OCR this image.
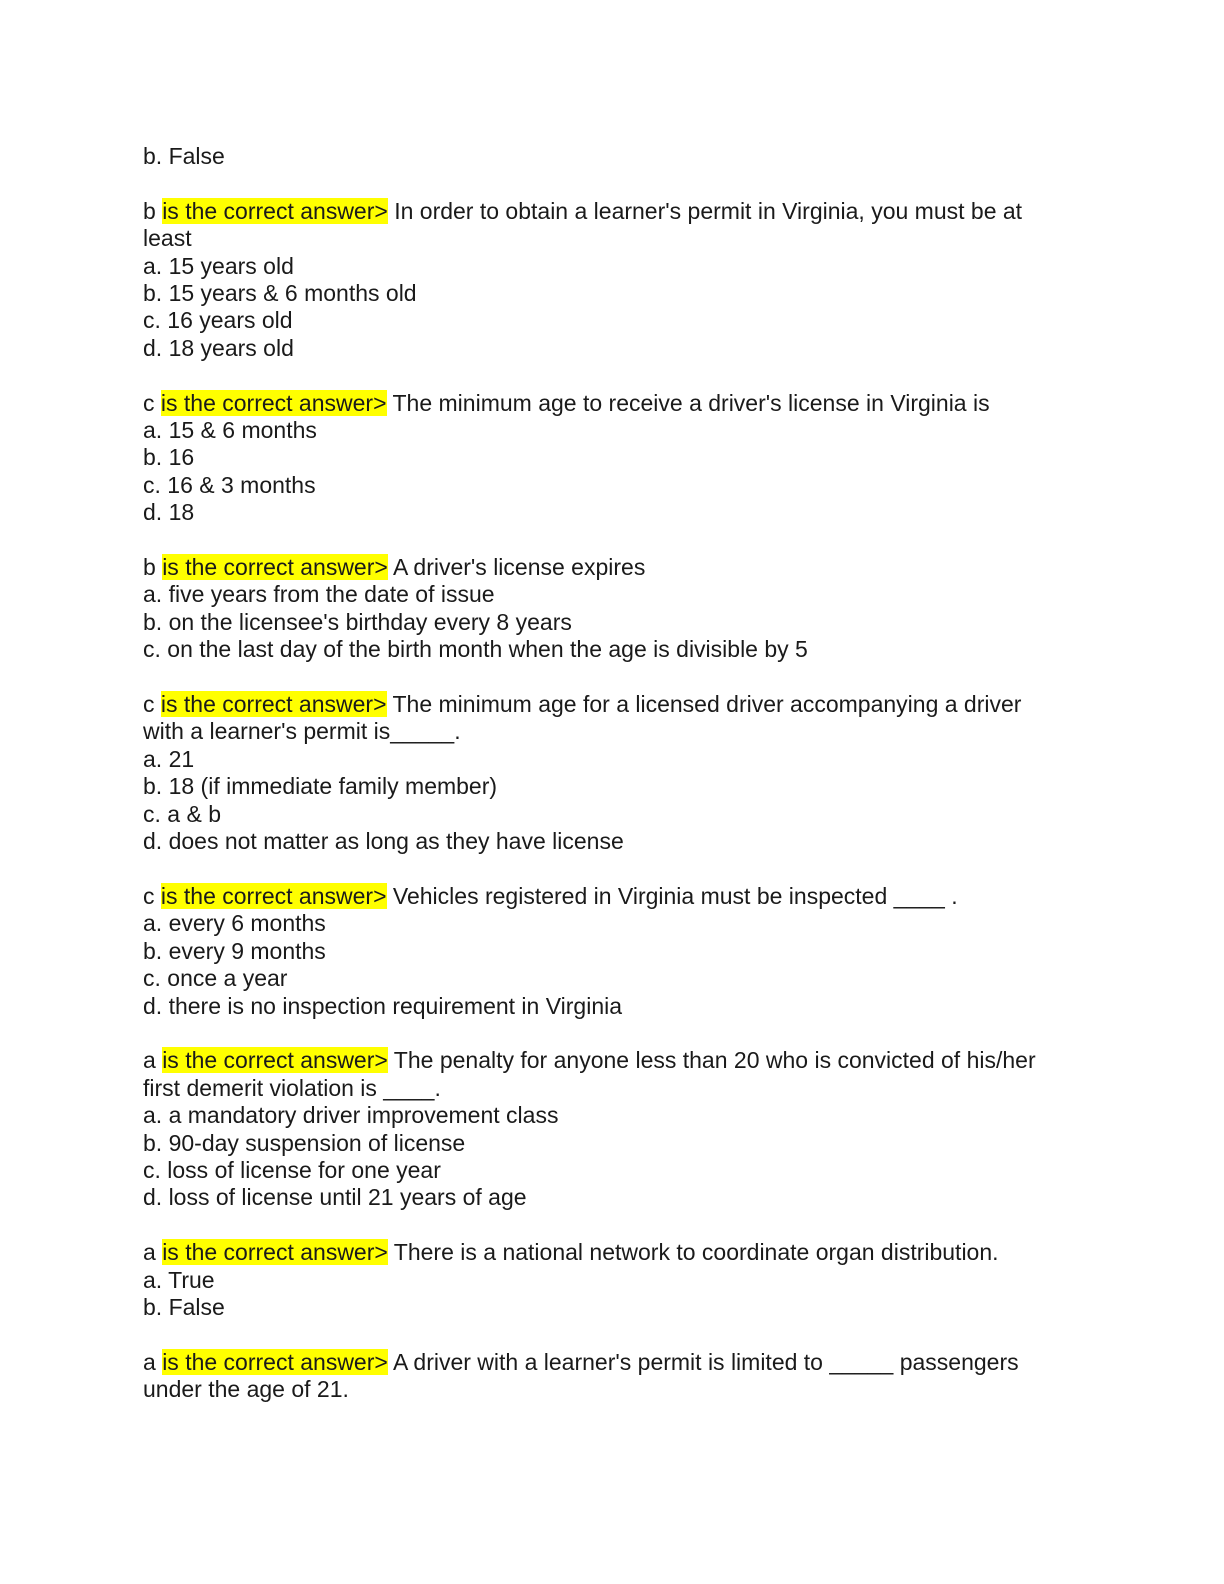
b. False
b is the correct answer> In order to obtain a learner's permit in Virginia, you must be at
least
a. 15 years old
b. 15 years & 6 months old
c. 16 years old
d. 18 years old
c is the correct answer> The minimum age to receive a driver's license in Virginia is
a. 15 & 6 months
b. 16
c. 16 & 3 months
d. 18
b is the correct answer> A driver's license expires
a. five years from the date of issue
b. on the licensee's birthday every 8 years
c. on the last day of the birth month when the age is divisible by 5
c is the correct answer> The minimum age for a licensed driver accompanying a driver
with a learner's permit is_____.
a. 21
b. 18 (if immediate family member)
c. a & b
d. does not matter as long as they have license
c is the correct answer> Vehicles registered in Virginia must be inspected ____ .
a. every 6 months
b. every 9 months
c. once a year
d. there is no inspection requirement in Virginia
a is the correct answer> The penalty for anyone less than 20 who is convicted of his/her
first demerit violation is ____.
a. a mandatory driver improvement class
b. 90-day suspension of license
c. loss of license for one year
d. loss of license until 21 years of age
a is the correct answer> There is a national network to coordinate organ distribution.
a. True
b. False
a is the correct answer> A driver with a learner's permit is limited to _____ passengers
under the age of 21.
